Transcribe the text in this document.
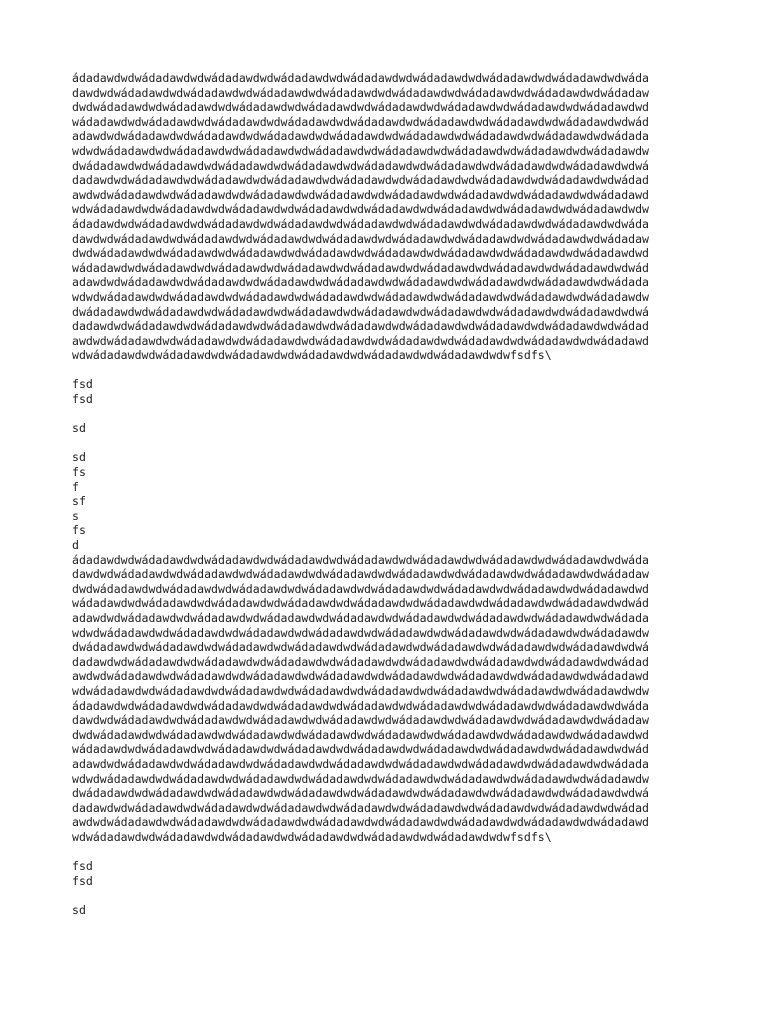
ádadawdwdwádadawdwdwádadawdwdwádadawdwdwádadawdwdwádadawdwdwádadawdwdwádadawdwdwáda
dawdwdwádadawdwdwádadawdwdwádadawdwdwádadawdwdwádadawdwdwádadawdwdwádadawdwdwádadaw
dwdwádadawdwdwádadawdwdwádadawdwdwádadawdwdwádadawdwdwádadawdwdwádadawdwdwádadawdwd
wádadawdwdwádadawdwdwádadawdwdwádadawdwdwádadawdwdwádadawdwdwádadawdwdwádadawdwdwád
adawdwdwádadawdwdwádadawdwdwádadawdwdwádadawdwdwádadawdwdwádadawdwdwádadawdwdwádada
wdwdwádadawdwdwádadawdwdwádadawdwdwádadawdwdwádadawdwdwádadawdwdwádadawdwdwádadawdw
dwádadawdwdwádadawdwdwádadawdwdwádadawdwdwádadawdwdwádadawdwdwádadawdwdwádadawdwdwá
dadawdwdwádadawdwdwádadawdwdwádadawdwdwádadawdwdwádadawdwdwádadawdwdwádadawdwdwádad
awdwdwádadawdwdwádadawdwdwádadawdwdwádadawdwdwádadawdwdwádadawdwdwádadawdwdwádadawd
wdwádadawdwdwádadawdwdwádadawdwdwádadawdwdwádadawdwdwádadawdwdwádadawdwdwádadawdwdw
ádadawdwdwádadawdwdwádadawdwdwádadawdwdwádadawdwdwádadawdwdwádadawdwdwádadawdwdwáda
dawdwdwádadawdwdwádadawdwdwádadawdwdwádadawdwdwádadawdwdwádadawdwdwádadawdwdwádadaw
dwdwádadawdwdwádadawdwdwádadawdwdwádadawdwdwádadawdwdwádadawdwdwádadawdwdwádadawdwd
wádadawdwdwádadawdwdwádadawdwdwádadawdwdwádadawdwdwádadawdwdwádadawdwdwádadawdwdwád
adawdwdwádadawdwdwádadawdwdwádadawdwdwádadawdwdwádadawdwdwádadawdwdwádadawdwdwádada
wdwdwádadawdwdwádadawdwdwádadawdwdwádadawdwdwádadawdwdwádadawdwdwádadawdwdwádadawdw
dwádadawdwdwádadawdwdwádadawdwdwádadawdwdwádadawdwdwádadawdwdwádadawdwdwádadawdwdwá
dadawdwdwádadawdwdwádadawdwdwádadawdwdwádadawdwdwádadawdwdwádadawdwdwádadawdwdwádad
awdwdwádadawdwdwádadawdwdwádadawdwdwádadawdwdwádadawdwdwádadawdwdwádadawdwdwádadawd
wdwádadawdwdwádadawdwdwádadawdwdwádadawdwdwádadawdwdwádadawdwdwfsdfs\
fsd
fsd
sd
sd
fs
f
sf
s
fs
d
ádadawdwdwádadawdwdwádadawdwdwádadawdwdwádadawdwdwádadawdwdwádadawdwdwádadawdwdwáda
dawdwdwádadawdwdwádadawdwdwádadawdwdwádadawdwdwádadawdwdwádadawdwdwádadawdwdwádadaw
dwdwádadawdwdwádadawdwdwádadawdwdwádadawdwdwádadawdwdwádadawdwdwádadawdwdwádadawdwd
wádadawdwdwádadawdwdwádadawdwdwádadawdwdwádadawdwdwádadawdwdwádadawdwdwádadawdwdwád
adawdwdwádadawdwdwádadawdwdwádadawdwdwádadawdwdwádadawdwdwádadawdwdwádadawdwdwádada
wdwdwádadawdwdwádadawdwdwádadawdwdwádadawdwdwádadawdwdwádadawdwdwádadawdwdwádadawdw
dwádadawdwdwádadawdwdwádadawdwdwádadawdwdwádadawdwdwádadawdwdwádadawdwdwádadawdwdwá
dadawdwdwádadawdwdwádadawdwdwádadawdwdwádadawdwdwádadawdwdwádadawdwdwádadawdwdwádad
awdwdwádadawdwdwádadawdwdwádadawdwdwádadawdwdwádadawdwdwádadawdwdwádadawdwdwádadawd
wdwádadawdwdwádadawdwdwádadawdwdwádadawdwdwádadawdwdwádadawdwdwádadawdwdwádadawdwdw
ádadawdwdwádadawdwdwádadawdwdwádadawdwdwádadawdwdwádadawdwdwádadawdwdwádadawdwdwáda
dawdwdwádadawdwdwádadawdwdwádadawdwdwádadawdwdwádadawdwdwádadawdwdwádadawdwdwádadaw
dwdwádadawdwdwádadawdwdwádadawdwdwádadawdwdwádadawdwdwádadawdwdwádadawdwdwádadawdwd
wádadawdwdwádadawdwdwádadawdwdwádadawdwdwádadawdwdwádadawdwdwádadawdwdwádadawdwdwád
adawdwdwádadawdwdwádadawdwdwádadawdwdwádadawdwdwádadawdwdwádadawdwdwádadawdwdwádada
wdwdwádadawdwdwádadawdwdwádadawdwdwádadawdwdwádadawdwdwádadawdwdwádadawdwdwádadawdw
dwádadawdwdwádadawdwdwádadawdwdwádadawdwdwádadawdwdwádadawdwdwádadawdwdwádadawdwdwá
dadawdwdwádadawdwdwádadawdwdwádadawdwdwádadawdwdwádadawdwdwádadawdwdwádadawdwdwádad
awdwdwádadawdwdwádadawdwdwádadawdwdwádadawdwdwádadawdwdwádadawdwdwádadawdwdwádadawd
wdwádadawdwdwádadawdwdwádadawdwdwádadawdwdwádadawdwdwádadawdwdwfsdfs\
fsd
fsd
sd
